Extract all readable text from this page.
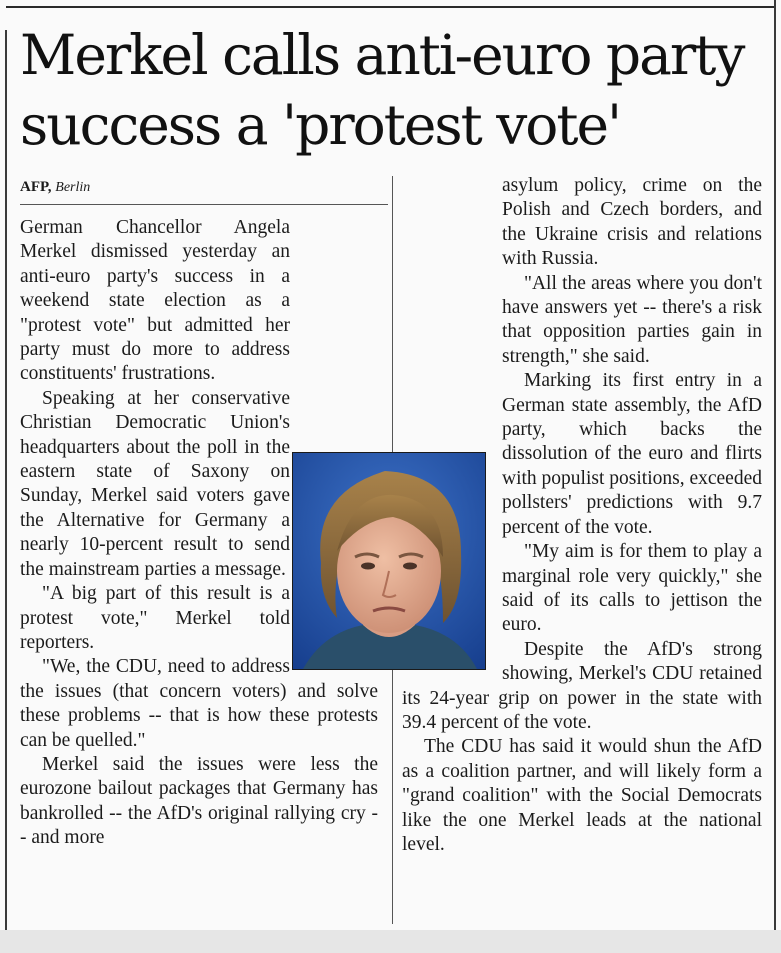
Merkel calls anti-euro party
success a 'protest vote'
AFP, Berlin

German Chancellor Angela Merkel dismissed yesterday an anti-euro party's success in a weekend state election as a "protest vote" but admitted her party must do more to address constituents' frustrations.

Speaking at her conservative Christian Democratic Union's headquarters about the poll in the eastern state of Saxony on Sunday, Merkel said voters gave the Alternative for Germany a nearly 10-percent result to send the mainstream parties a message.

"A big part of this result is a protest vote," Merkel told reporters.

"We, the CDU, need to address the issues (that concern voters) and solve these problems -- that is how these protests can be quelled."

Merkel said the issues were less the eurozone bailout packages that Germany has bankrolled -- the AfD's original rallying cry -- and more

asylum policy, crime on the Polish and Czech borders, and the Ukraine crisis and relations with Russia.

"All the areas where you don't have answers yet -- there's a risk that opposition parties gain in strength," she said.

Marking its first entry in a German state assembly, the AfD party, which backs the dissolution of the euro and flirts with populist positions, exceeded pollsters' predictions with 9.7 percent of the vote.

"My aim is for them to play a marginal role very quickly," she said of its calls to jettison the euro.

Despite the AfD's strong showing, Merkel's CDU retained its 24-year grip on power in the state with 39.4 percent of the vote.

The CDU has said it would shun the AfD as a coalition partner, and will likely form a "grand coalition" with the Social Democrats like the one Merkel leads at the national level.
